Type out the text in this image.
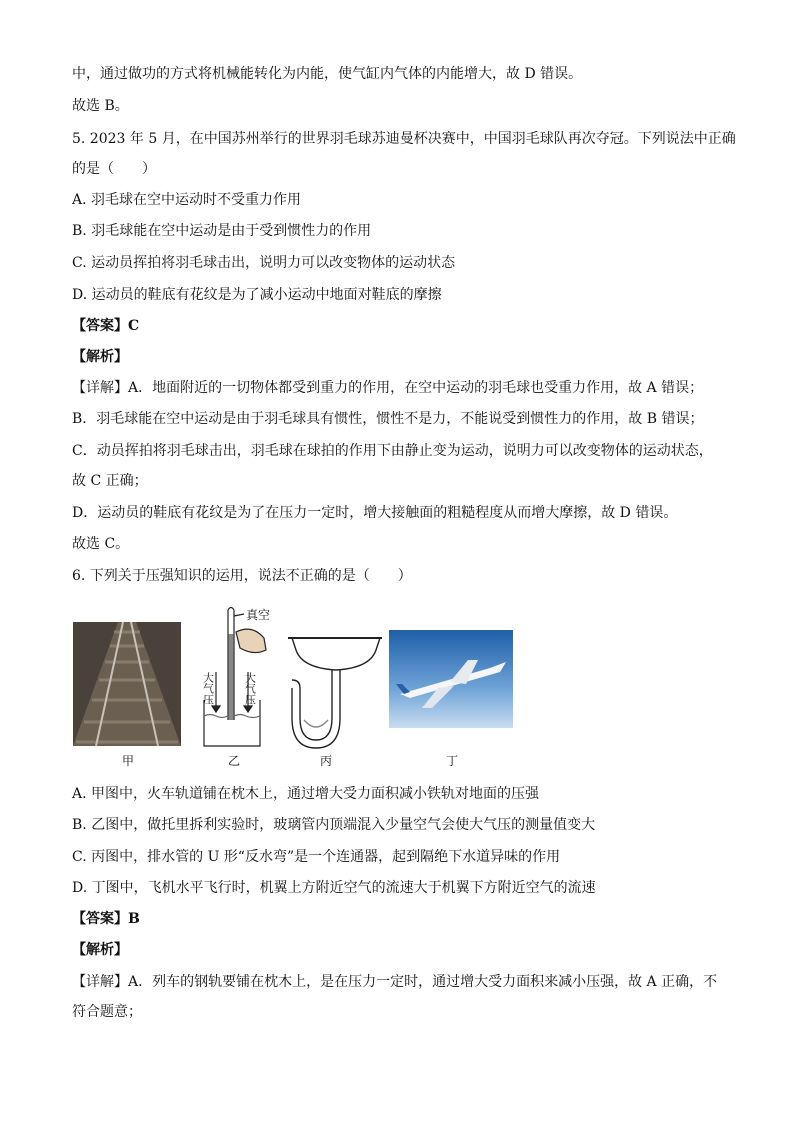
中，通过做功的方式将机械能转化为内能，使气缸内气体的内能增大，故 D 错误。
故选 B。
5. 2023 年 5 月，在中国苏州举行的世界羽毛球苏迪曼杯决赛中，中国羽毛球队再次夺冠。下列说法中正确
的是（　　）
A. 羽毛球在空中运动时不受重力作用
B. 羽毛球能在空中运动是由于受到惯性力的作用
C. 运动员挥拍将羽毛球击出，说明力可以改变物体的运动状态
D. 运动员的鞋底有花纹是为了减小运动中地面对鞋底的摩擦
【答案】C
【解析】
【详解】A．地面附近的一切物体都受到重力的作用，在空中运动的羽毛球也受重力作用，故 A 错误；
B．羽毛球能在空中运动是由于羽毛球具有惯性，惯性不是力，不能说受到惯性力的作用，故 B 错误；
C．动员挥拍将羽毛球击出，羽毛球在球拍的作用下由静止变为运动，说明力可以改变物体的运动状态，
故 C 正确；
D．运动员的鞋底有花纹是为了在压力一定时，增大接触面的粗糙程度从而增大摩擦，故 D 错误。
故选 C。
6. 下列关于压强知识的运用，说法不正确的是（　　）
甲	乙	丙	丁
真空
大气压	大气压
A. 甲图中，火车轨道铺在枕木上，通过增大受力面积减小铁轨对地面的压强
B. 乙图中，做托里拆利实验时，玻璃管内顶端混入少量空气会使大气压的测量值变大
C. 丙图中，排水管的 U 形“反水弯”是一个连通器，起到隔绝下水道异味的作用
D. 丁图中，飞机水平飞行时，机翼上方附近空气的流速大于机翼下方附近空气的流速
【答案】B
【解析】
【详解】A．列车的钢轨要铺在枕木上，是在压力一定时，通过增大受力面积来减小压强，故 A 正确，不
符合题意；
